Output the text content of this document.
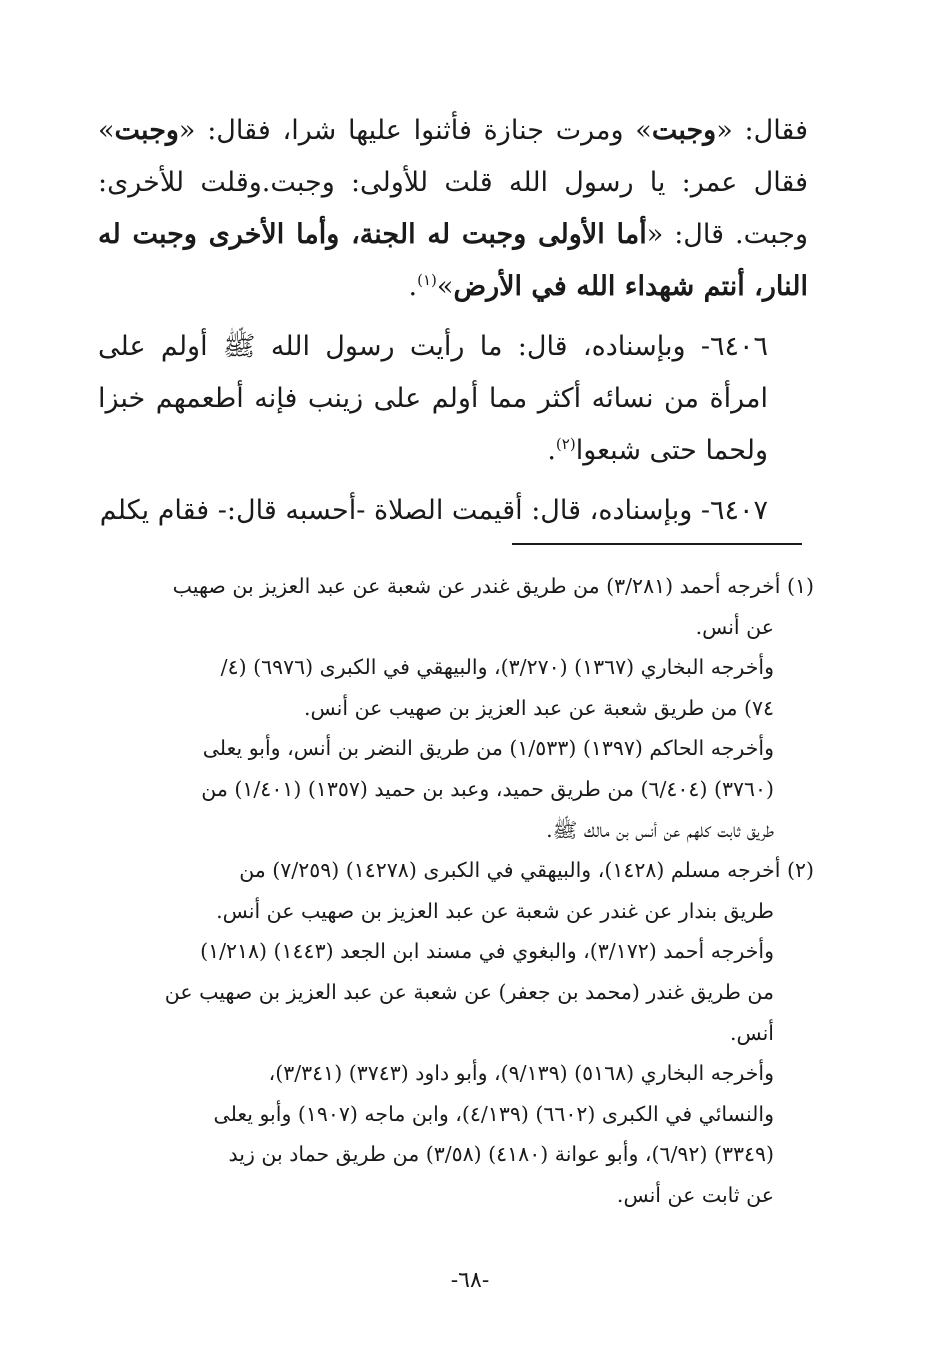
فقال: «وجبت» ومرت جنازة فأثنوا عليها شرا، فقال: «وجبت» فقال عمر: يا رسول الله قلت للأولى: وجبت.وقلت للأخرى: وجبت. قال: «أما الأولى وجبت له الجنة، وأما الأخرى وجبت له النار، أنتم شهداء الله في الأرض»$^{(١)}$.

٦٤٠٦- وبإسناده، قال: ما رأيت رسول الله ﷺ أولم على امرأة من نسائه أكثر مما أولم على زينب فإنه أطعمهم خبزا ولحما حتى شبعوا$^{(٢)}$.

٦٤٠٧- وبإسناده، قال: أقيمت الصلاة -أحسبه قال:- فقام يكلم

(١) أخرجه أحمد (٣/٢٨١) من طريق غندر عن شعبة عن عبد العزيز بن صهيب

عن أنس.

وأخرجه البخاري (١٣٦٧) (٣/٢٧٠)، والبيهقي في الكبرى (٦٩٧٦) (٤/

٧٤) من طريق شعبة عن عبد العزيز بن صهيب عن أنس.

وأخرجه الحاكم (١٣٩٧) (١/٥٣٣) من طريق النضر بن أنس، وأبو يعلى

(٣٧٦٠) (٦/٤٠٤) من طريق حميد، وعبد بن حميد (١٣٥٧) (١/٤٠١) من

طريق ثابت كلهم عن أنس بن مالك ﷺ.

(٢) أخرجه مسلم (١٤٢٨)، والبيهقي في الكبرى (١٤٢٧٨) (٧/٢٥٩) من

طريق بندار عن غندر عن شعبة عن عبد العزيز بن صهيب عن أنس.

وأخرجه أحمد (٣/١٧٢)، والبغوي في مسند ابن الجعد (١٤٤٣) (١/٢١٨)

من طريق غندر (محمد بن جعفر) عن شعبة عن عبد العزيز بن صهيب عن

أنس.

وأخرجه البخاري (٥١٦٨) (٩/١٣٩)، وأبو داود (٣٧٤٣) (٣/٣٤١)،

والنسائي في الكبرى (٦٦٠٢) (٤/١٣٩)، وابن ماجه (١٩٠٧) وأبو يعلى

(٣٣٤٩) (٦/٩٢)، وأبو عوانة (٤١٨٠) (٣/٥٨) من طريق حماد بن زيد

عن ثابت عن أنس.

-٦٨-
